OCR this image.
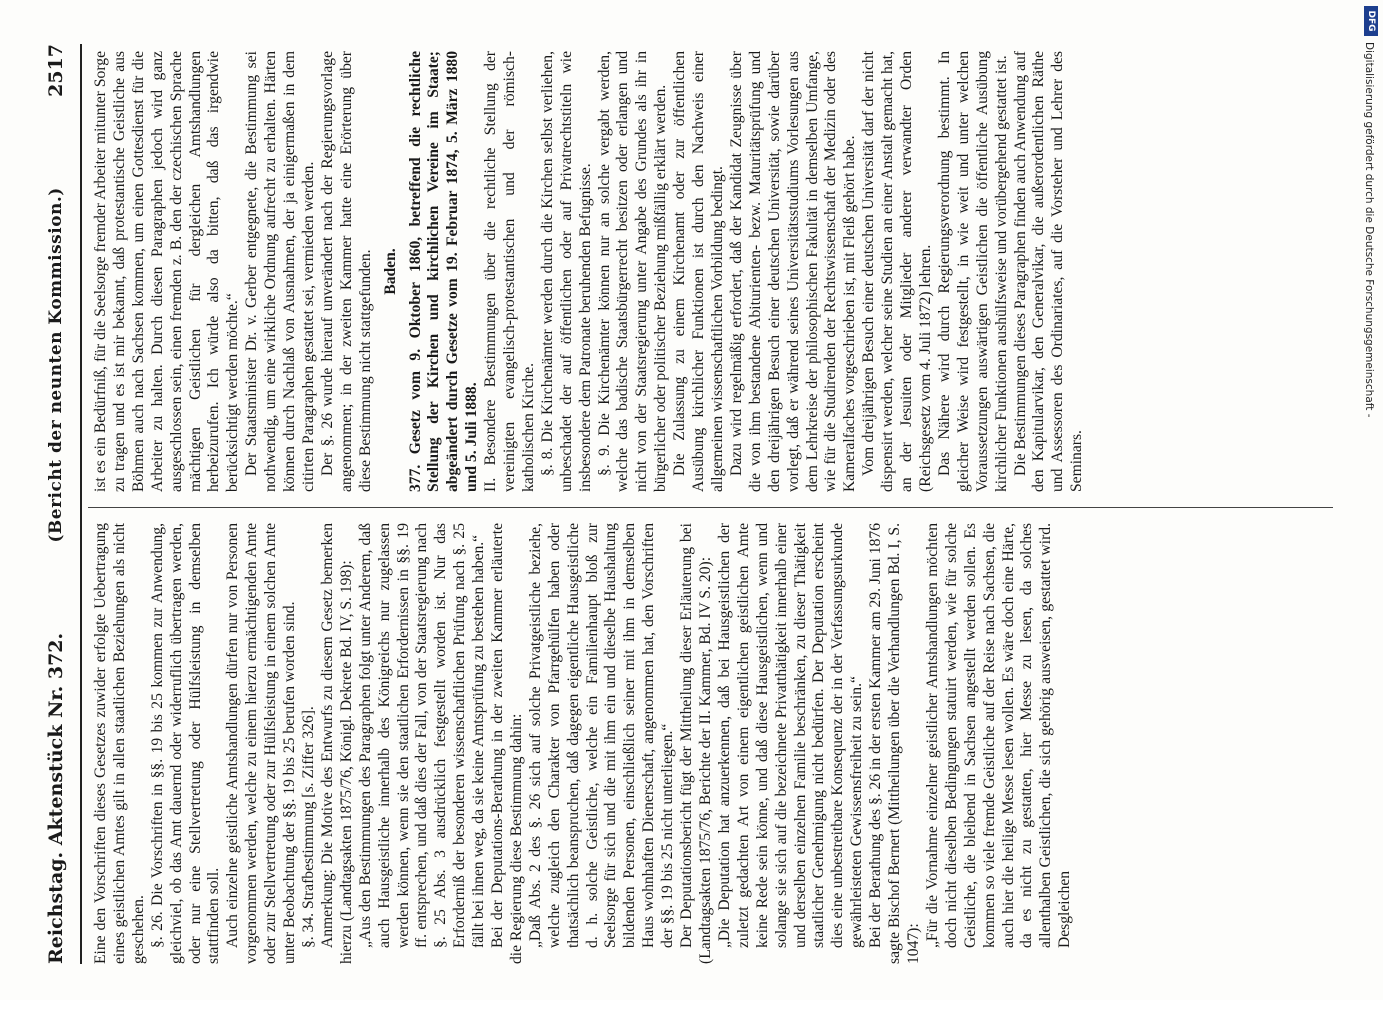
Reichstag. Aktenstück Nr. 372.
(Bericht der neunten Kommission.)
2517

Eine den Vorschriften dieses Gesetzes zuwider erfolgte Uebertragung eines geistlichen Amtes gilt in allen staatlichen Beziehungen als nicht geschehen. §. 26. Die Vorschriften in §§. 19 bis 25 kommen zur Anwendung, gleichviel, ob das Amt dauernd oder widerruflich übertragen werden, oder nur eine Stellvertretung oder Hülfsleistung in demselben stattfinden soll. Auch einzelne geistliche Amtshandlungen dürfen nur von Personen vorgenommen werden, welche zu einem hierzu ermächtigenden Amte oder zur Stellvertretung oder zur Hülfsleistung in einem solchen Amte unter Beobachtung der §§. 19 bis 25 berufen worden sind. §. 34. Strafbestimmung [s. Ziffer 326]. Anmerkung: Die Motive des Entwurfs zu diesem Gesetz bemerken hierzu (Landtagsakten 1875/76, Königl. Dekrete Bd. IV, S. 198): „Aus den Bestimmungen des Paragraphen folgt unter Anderem, daß auch Hausgeistliche innerhalb des Königreichs nur zugelassen werden können, wenn sie den staatlichen Erfordernissen in §§. 19 ff. entsprechen, und daß dies der Fall, von der Staatsregierung nach §. 25 Abs. 3 ausdrücklich festgestellt worden ist. Nur das Erforderniß der besonderen wissenschaftlichen Prüfung nach §. 25 fällt bei ihnen weg, da sie keine Amtsprüfung zu bestehen haben.“ Bei der Deputations-Berathung in der zweiten Kammer erläuterte die Regierung diese Bestimmung dahin: „Daß Abs. 2 des §. 26 sich auf solche Privatgeistliche beziehe, welche zugleich den Charakter von Pfarrgehülfen haben oder thatsächlich beanspruchen, daß dagegen eigentliche Hausgeistliche d. h. solche Geistliche, welche ein Familienhaupt bloß zur Seelsorge für sich und die mit ihm ein und dieselbe Haushaltung bildenden Personen, einschließlich seiner mit ihm in demselben Haus wohnhaften Dienerschaft, angenommen hat, den Vorschriften der §§. 19 bis 25 nicht unterliegen.“ Der Deputationsbericht fügt der Mittheilung dieser Erläuterung bei (Landtagsakten 1875/76, Berichte der II. Kammer, Bd. IV S. 20): „Die Deputation hat anzuerkennen, daß bei Hausgeistlichen der zuletzt gedachten Art von einem eigentlichen geistlichen Amte keine Rede sein könne, und daß diese Hausgeistlichen, wenn und solange sie sich auf die bezeichnete Privatthätigkeit innerhalb einer und derselben einzelnen Familie beschränken, zu dieser Thätigkeit staatlicher Genehmigung nicht bedürfen. Der Deputation erscheint dies eine unbestreitbare Konsequenz der in der Verfassungsurkunde gewährleisteten Gewissensfreiheit zu sein.“ Bei der Berathung des §. 26 in der ersten Kammer am 29. Juni 1876 sagte Bischof Bernert (Mittheilungen über die Verhandlungen Bd. I, S. 1047): „Für die Vornahme einzelner geistlicher Amtshandlungen möchten doch nicht dieselben Bedingungen statuirt werden, wie für solche Geistliche, die bleibend in Sachsen angestellt werden sollen. Es kommen so viele fremde Geistliche auf der Reise nach Sachsen, die auch hier die heilige Messe lesen wollen. Es wäre doch eine Härte, da es nicht zu gestatten, hier Messe zu lesen, da solches allenthalben Geistlichen, die sich gehörig ausweisen, gestattet wird. Desgleichen

ist es ein Bedürfniß, für die Seelsorge fremder Arbeiter mitunter Sorge zu tragen und es ist mir bekannt, daß protestantische Geistliche aus Böhmen auch nach Sachsen kommen, um einen Gottesdienst für die Arbeiter zu halten. Durch diesen Paragraphen jedoch wird ganz ausgeschlossen sein, einen fremden z. B. den der czechischen Sprache mächtigen Geistlichen für dergleichen Amtshandlungen herbeizurufen. Ich würde also da bitten, daß das irgendwie berücksichtigt werden möchte.“ Der Staatsminister Dr. v. Gerber entgegnete, die Bestimmung sei nothwendig, um eine wirkliche Ordnung aufrecht zu erhalten. Härten können durch Nachlaß von Ausnahmen, der ja einigermaßen in dem citirten Paragraphen gestattet sei, vermieden werden. Der §. 26 wurde hierauf unverändert nach der Regierungsvorlage angenommen; in der zweiten Kammer hatte eine Erörterung über diese Bestimmung nicht stattgefunden. Baden. 377. Gesetz vom 9. Oktober 1860, betreffend die rechtliche Stellung der Kirchen und kirchlichen Vereine im Staate; abgeändert durch Gesetze vom 19. Februar 1874, 5. März 1880 und 5. Juli 1888. II. Besondere Bestimmungen über die rechtliche Stellung der vereinigten evangelisch-protestantischen und der römisch-katholischen Kirche. §. 8. Die Kirchenämter werden durch die Kirchen selbst verliehen, unbeschadet der auf öffentlichen oder auf Privatrechtstiteln wie insbesondere dem Patronate beruhenden Befugnisse. §. 9. Die Kirchenämter können nur an solche vergabt werden, welche das badische Staatsbürgerrecht besitzen oder erlangen und nicht von der Staatsregierung unter Angabe des Grundes als ihr in bürgerlicher oder politischer Beziehung mißfällig erklärt werden. Die Zulassung zu einem Kirchenamt oder zur öffentlichen Ausübung kirchlicher Funktionen ist durch den Nachweis einer allgemeinen wissenschaftlichen Vorbildung bedingt. Dazu wird regelmäßig erfordert, daß der Kandidat Zeugnisse über die von ihm bestandene Abiturienten- bezw. Maturitätsprüfung und den dreijährigen Besuch einer deutschen Universität, sowie darüber vorlegt, daß er während seines Universitätsstudiums Vorlesungen aus dem Lehrkreise der philosophischen Fakultät in demselben Umfange, wie für die Studirenden der Rechtswissenschaft der Medizin oder des Kameralfaches vorgeschrieben ist, mit Fleiß gehört habe. Vom dreijährigen Besuch einer deutschen Universität darf der nicht dispensirt werden, welcher seine Studien an einer Anstalt gemacht hat, an der Jesuiten oder Mitglieder anderer verwandter Orden (Reichsgesetz vom 4. Juli 1872) lehren. Das Nähere wird durch Regierungsverordnung bestimmt. In gleicher Weise wird festgestellt, in wie weit und unter welchen Voraussetzungen auswärtigen Geistlichen die öffentliche Ausübung kirchlicher Funktionen aushülfsweise und vorübergehend gestattet ist. Die Bestimmungen dieses Paragraphen finden auch Anwendung auf den Kapitularvikar, den Generalvikar, die außerordentlichen Räthe und Assessoren des Ordinariates, auf die Vorsteher und Lehrer des Seminars.

DFG
Digitalisierung gefördert durch die Deutsche Forschungsgemeinschaft -
